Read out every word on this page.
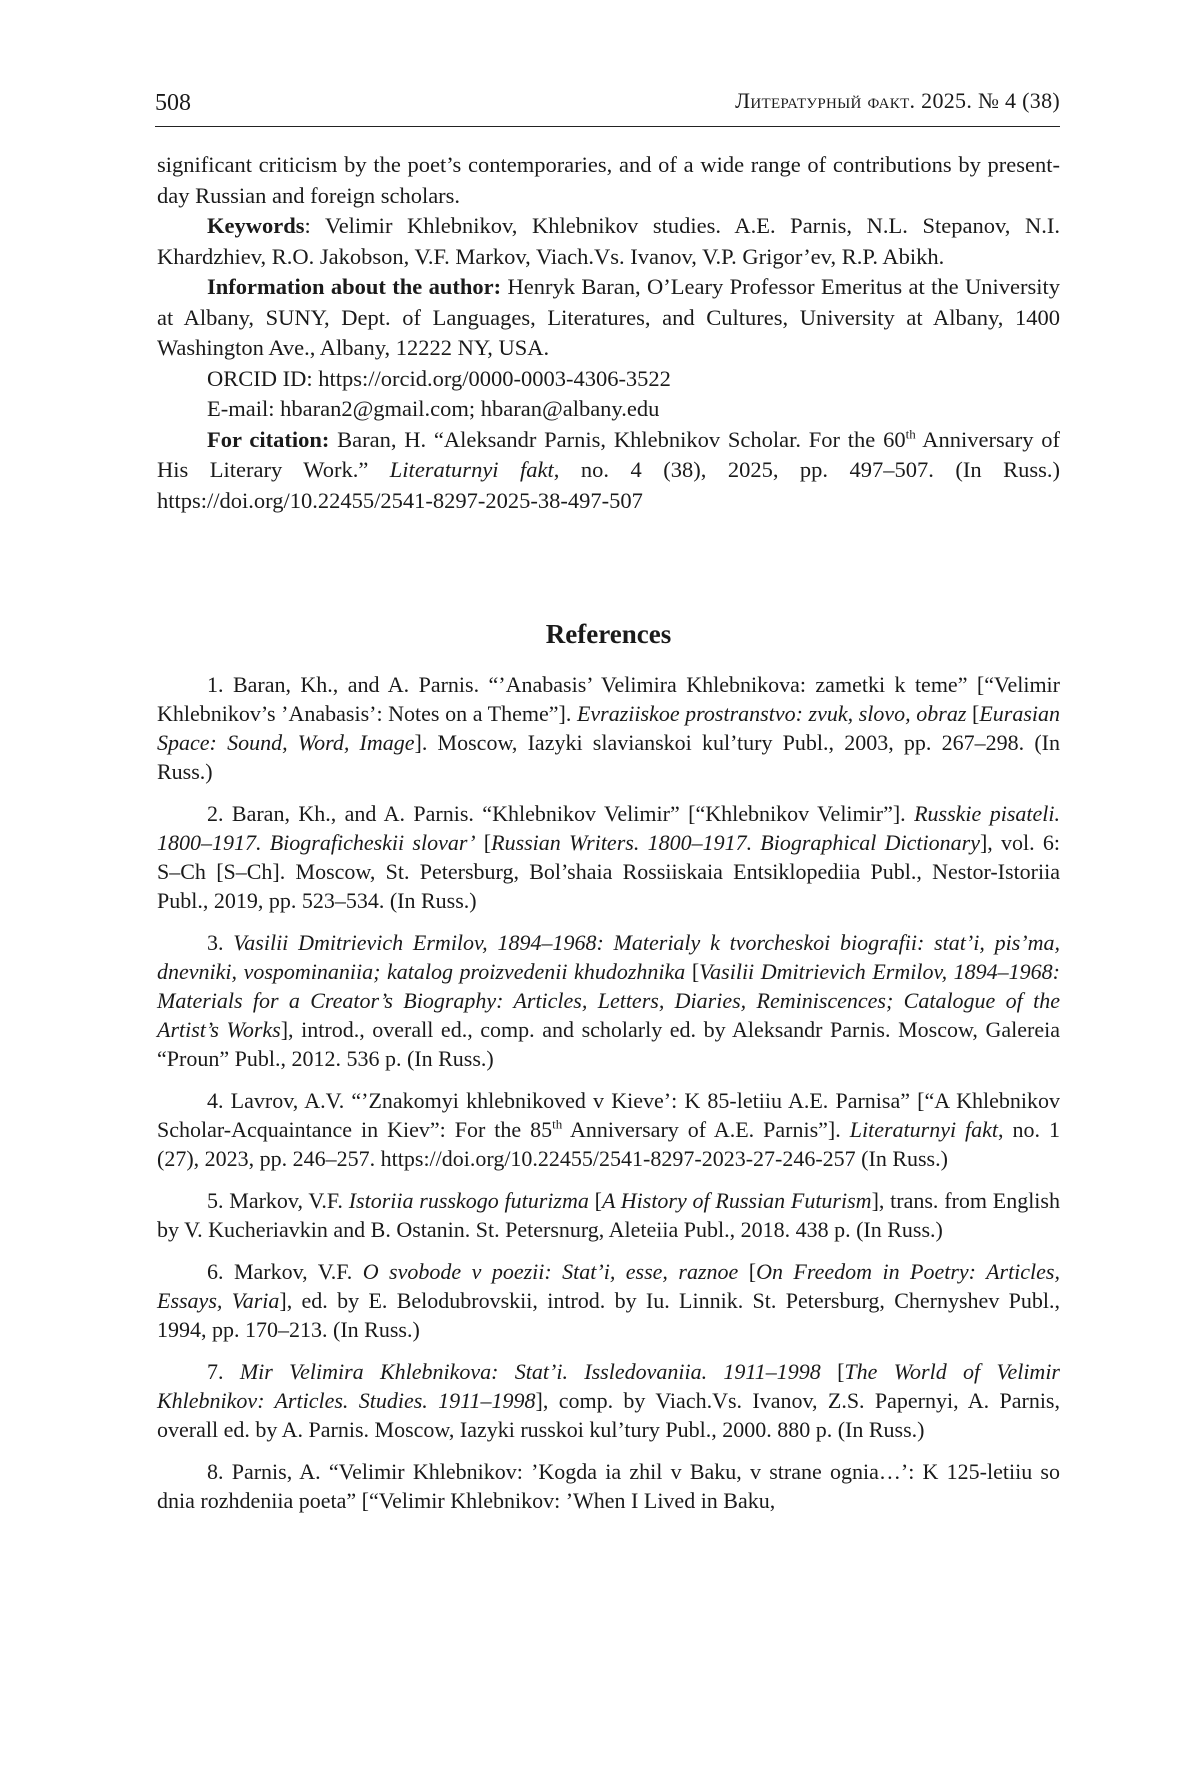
508	Литературный факт. 2025. № 4 (38)

significant criticism by the poet’s contemporaries, and of a wide range of contributions by present-day Russian and foreign scholars.

Keywords: Velimir Khlebnikov, Khlebnikov studies. A.E. Parnis, N.L. Stepanov, N.I. Khardzhiev, R.O. Jakobson, V.F. Markov, Viach.Vs. Ivanov, V.P. Grigor’ev, R.P. Abikh.

Information about the author: Henryk Baran, O’Leary Professor Emeritus at the University at Albany, SUNY, Dept. of Languages, Literatures, and Cultures, University at Albany, 1400 Washington Ave., Albany, 12222 NY, USA.

ORCID ID: https://orcid.org/0000-0003-4306-3522

E-mail: hbaran2@gmail.com; hbaran@albany.edu

For citation: Baran, H. “Aleksandr Parnis, Khlebnikov Scholar. For the 60th Anniversary of His Literary Work.” Literaturnyi fakt, no. 4 (38), 2025, pp. 497–507. (In Russ.) https://doi.org/10.22455/2541-8297-2025-38-497-507

References

1. Baran, Kh., and A. Parnis. “’Anabasis’ Velimira Khlebnikova: zametki k teme” [“Velimir Khlebnikov’s ’Anabasis’: Notes on a Theme”]. Evraziiskoe prostranstvo: zvuk, slovo, obraz [Eurasian Space: Sound, Word, Image]. Moscow, Iazyki slavianskoi kul’tury Publ., 2003, pp. 267–298. (In Russ.)

2. Baran, Kh., and A. Parnis. “Khlebnikov Velimir” [“Khlebnikov Velimir”]. Russkie pisateli. 1800–1917. Biograficheskii slovar’ [Russian Writers. 1800–1917. Biographical Dictionary], vol. 6: S–Ch [S–Ch]. Moscow, St. Petersburg, Bol’shaia Rossiiskaia Entsiklopediia Publ., Nestor-Istoriia Publ., 2019, pp. 523–534. (In Russ.)

3. Vasilii Dmitrievich Ermilov, 1894–1968: Materialy k tvorcheskoi biografii: stat’i, pis’ma, dnevniki, vospominaniia; katalog proizvedenii khudozhnika [Vasilii Dmitrievich Ermilov, 1894–1968: Materials for a Creator’s Biography: Articles, Letters, Diaries, Reminiscences; Catalogue of the Artist’s Works], introd., overall ed., comp. and scholarly ed. by Aleksandr Parnis. Moscow, Galereia “Proun” Publ., 2012. 536 p. (In Russ.)

4. Lavrov, A.V. “’Znakomyi khlebnikoved v Kieve’: K 85-letiiu A.E. Parnisa” [“A Khlebnikov Scholar-Acquaintance in Kiev”: For the 85th Anniversary of A.E. Parnis”]. Literaturnyi fakt, no. 1 (27), 2023, pp. 246–257. https://doi.org/10.22455/2541-8297-2023-27-246-257 (In Russ.)

5. Markov, V.F. Istoriia russkogo futurizma [A History of Russian Futurism], trans. from English by V. Kucheriavkin and B. Ostanin. St. Petersnurg, Aleteiia Publ., 2018. 438 p. (In Russ.)

6. Markov, V.F. O svobode v poezii: Stat’i, esse, raznoe [On Freedom in Poetry: Articles, Essays, Varia], ed. by E. Belodubrovskii, introd. by Iu. Linnik. St. Petersburg, Chernyshev Publ., 1994, pp. 170–213. (In Russ.)

7. Mir Velimira Khlebnikova: Stat’i. Issledovaniia. 1911–1998 [The World of Velimir Khlebnikov: Articles. Studies. 1911–1998], comp. by Viach.Vs. Ivanov, Z.S. Papernyi, A. Parnis, overall ed. by A. Parnis. Moscow, Iazyki russkoi kul’tury Publ., 2000. 880 p. (In Russ.)

8. Parnis, A. “Velimir Khlebnikov: ’Kogda ia zhil v Baku, v strane ognia…’: K 125-letiiu so dnia rozhdeniia poeta” [“Velimir Khlebnikov: ’When I Lived in Baku,
